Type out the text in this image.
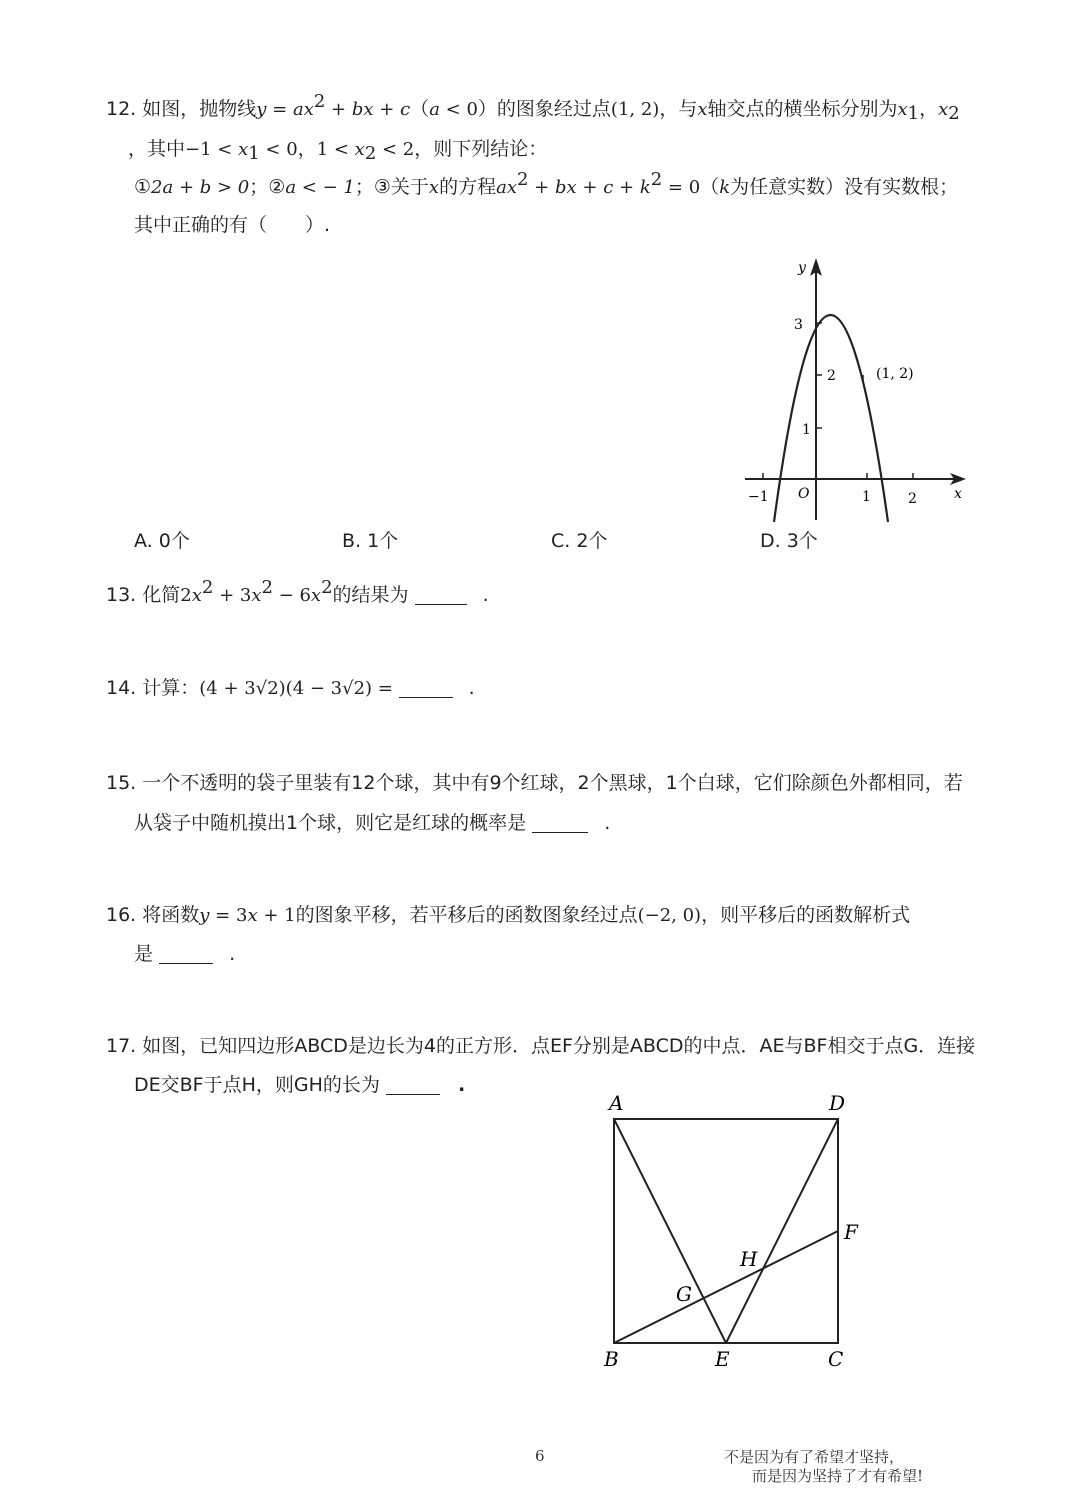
12. 如图，抛物线$y = ax^2$ + bx + c（a < 0）的图象经过点(1, 2)，与x轴交点的横坐标分别为$x_1$，$x_2$
，其中$-1 < x_1 < 0$，$1 < x_2 < 2$，则下列结论：
①2a + b > 0；②a < − 1；③关于x的方程$ax^2$ + bx + $c + k^2 = 0(k$为任意实数）没有实数根；
其中正确的有（　　）.
y
x
O
1
2
3
−1	1	2
(1, 2)
A. 0个	B. 1个	C. 2个	D. 3个
13. 化简$2x^2 + 3x^2 - 6x^2$的结果为	.
14. 计算：(4 + 3√2)(4 − 3√2) =	.
15. 一个不透明的袋子里装有12个球，其中有9个红球，2个黑球，1个白球，它们除颜色外都相同，若
从袋子中随机摸出1个球，则它是红球的概率是	.
16. 将函数y = 3x + 1的图象平移，若平移后的函数图象经过点(−2, 0)，则平移后的函数解析式
是	.
17. 如图，已知四边形ABCD是边长为4的正方形．点EF分别是ABCD的中点．AE与BF相交于点G．连接
DE交BF于点H，则GH的长为	.
A	D
B	C
E
F
G
H
6	不是因为有了希望才坚持，
而是因为坚持了才有希望!
